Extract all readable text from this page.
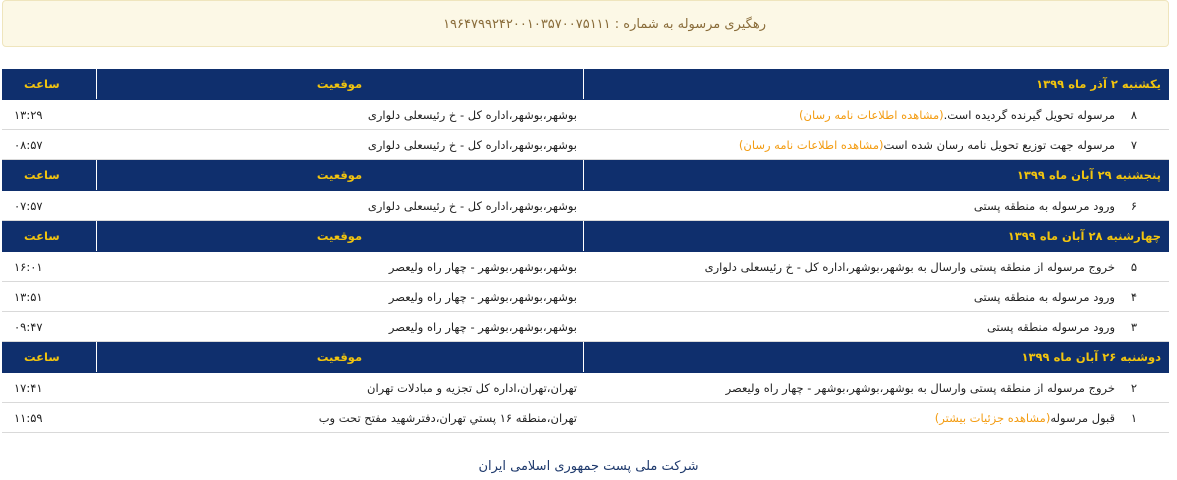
رهگیری مرسوله به شماره : ۱۹۶۴۷۹۹۲۴۲۰۰۱۰۳۵۷۰۰۷۵۱۱۱
یکشنبه ۲ آذر ماه ۱۳۹۹	موقعیت	ساعت
۸مرسوله تحویل گیرنده گردیده است.(مشاهده اطلاعات نامه رسان)	بوشهر،بوشهر،اداره کل - خ رئیسعلی دلواری	۱۳:۲۹
۷مرسوله جهت توزیع تحویل نامه رسان شده است(مشاهده اطلاعات نامه رسان)	بوشهر،بوشهر،اداره کل - خ رئیسعلی دلواری	۰۸:۵۷
پنجشنبه ۲۹ آبان ماه ۱۳۹۹	موقعیت	ساعت
۶ورود مرسوله به منطقه پستی	بوشهر،بوشهر،اداره کل - خ رئیسعلی دلواری	۰۷:۵۷
چهارشنبه ۲۸ آبان ماه ۱۳۹۹	موقعیت	ساعت
۵خروج مرسوله از منطقه پستی وارسال به بوشهر،بوشهر،اداره کل - خ رئیسعلی دلواری	بوشهر،بوشهر،بوشهر - چهار راه ولیعصر	۱۶:۰۱
۴ورود مرسوله به منطقه پستی	بوشهر،بوشهر،بوشهر - چهار راه ولیعصر	۱۳:۵۱
۳ورود مرسوله منطقه پستی	بوشهر،بوشهر،بوشهر - چهار راه ولیعصر	۰۹:۴۷
دوشنبه ۲۶ آبان ماه ۱۳۹۹	موقعیت	ساعت
۲خروج مرسوله از منطقه پستی وارسال به بوشهر،بوشهر،بوشهر - چهار راه ولیعصر	تهران،تهران،اداره کل تجزیه و مبادلات تهران	۱۷:۴۱
۱قبول مرسوله(مشاهده جزئیات بیشتر)	تهران،منطقه ۱۶ پستي تهران،دفترشهيد مفتح تحت وب	۱۱:۵۹
شرکت ملی پست جمهوری اسلامی ایران
